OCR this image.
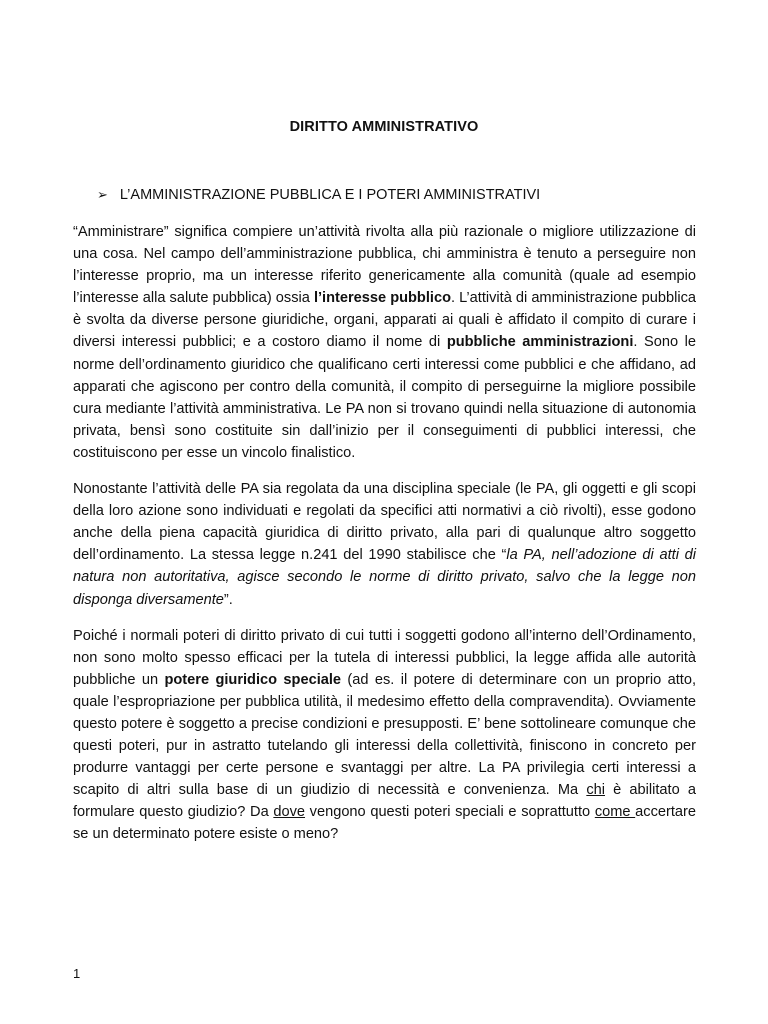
DIRITTO AMMINISTRATIVO
➢ L’AMMINISTRAZIONE PUBBLICA E I POTERI AMMINISTRATIVI

“Amministrare” significa compiere un’attività rivolta alla più razionale o migliore utilizzazione di una cosa. Nel campo dell’amministrazione pubblica, chi amministra è tenuto a perseguire non l’interesse proprio, ma un interesse riferito genericamente alla comunità (quale ad esempio l’interesse alla salute pubblica) ossia l’interesse pubblico. L’attività di amministrazione pubblica è svolta da diverse persone giuridiche, organi, apparati ai quali è affidato il compito di curare i diversi interessi pubblici; e a costoro diamo il nome di pubbliche amministrazioni. Sono le norme dell’ordinamento giuridico che qualificano certi interessi come pubblici e che affidano, ad apparati che agiscono per contro della comunità, il compito di perseguirne la migliore possibile cura mediante l’attività amministrativa. Le PA non si trovano quindi nella situazione di autonomia privata, bensì sono costituite sin dall’inizio per il conseguimenti di pubblici interessi, che costituiscono per esse un vincolo finalistico.

Nonostante l’attività delle PA sia regolata da una disciplina speciale (le PA, gli oggetti e gli scopi della loro azione sono individuati e regolati da specifici atti normativi a ciò rivolti), esse godono anche della piena capacità giuridica di diritto privato, alla pari di qualunque altro soggetto dell’ordinamento. La stessa legge n.241 del 1990 stabilisce che “la PA, nell’adozione di atti di natura non autoritativa, agisce secondo le norme di diritto privato, salvo che la legge non disponga diversamente”.

Poiché i normali poteri di diritto privato di cui tutti i soggetti godono all’interno dell’Ordinamento, non sono molto spesso efficaci per la tutela di interessi pubblici, la legge affida alle autorità pubbliche un potere giuridico speciale (ad es. il potere di determinare con un proprio atto, quale l’espropriazione per pubblica utilità, il medesimo effetto della compravendita). Ovviamente questo potere è soggetto a precise condizioni e presupposti. E’ bene sottolineare comunque che questi poteri, pur in astratto tutelando gli interessi della collettività, finiscono in concreto per produrre vantaggi per certe persone e svantaggi per altre. La PA privilegia certi interessi a scapito di altri sulla base di un giudizio di necessità e convenienza. Ma chi è abilitato a formulare questo giudizio? Da dove vengono questi poteri speciali e soprattutto come accertare se un determinato potere esiste o meno?

1
